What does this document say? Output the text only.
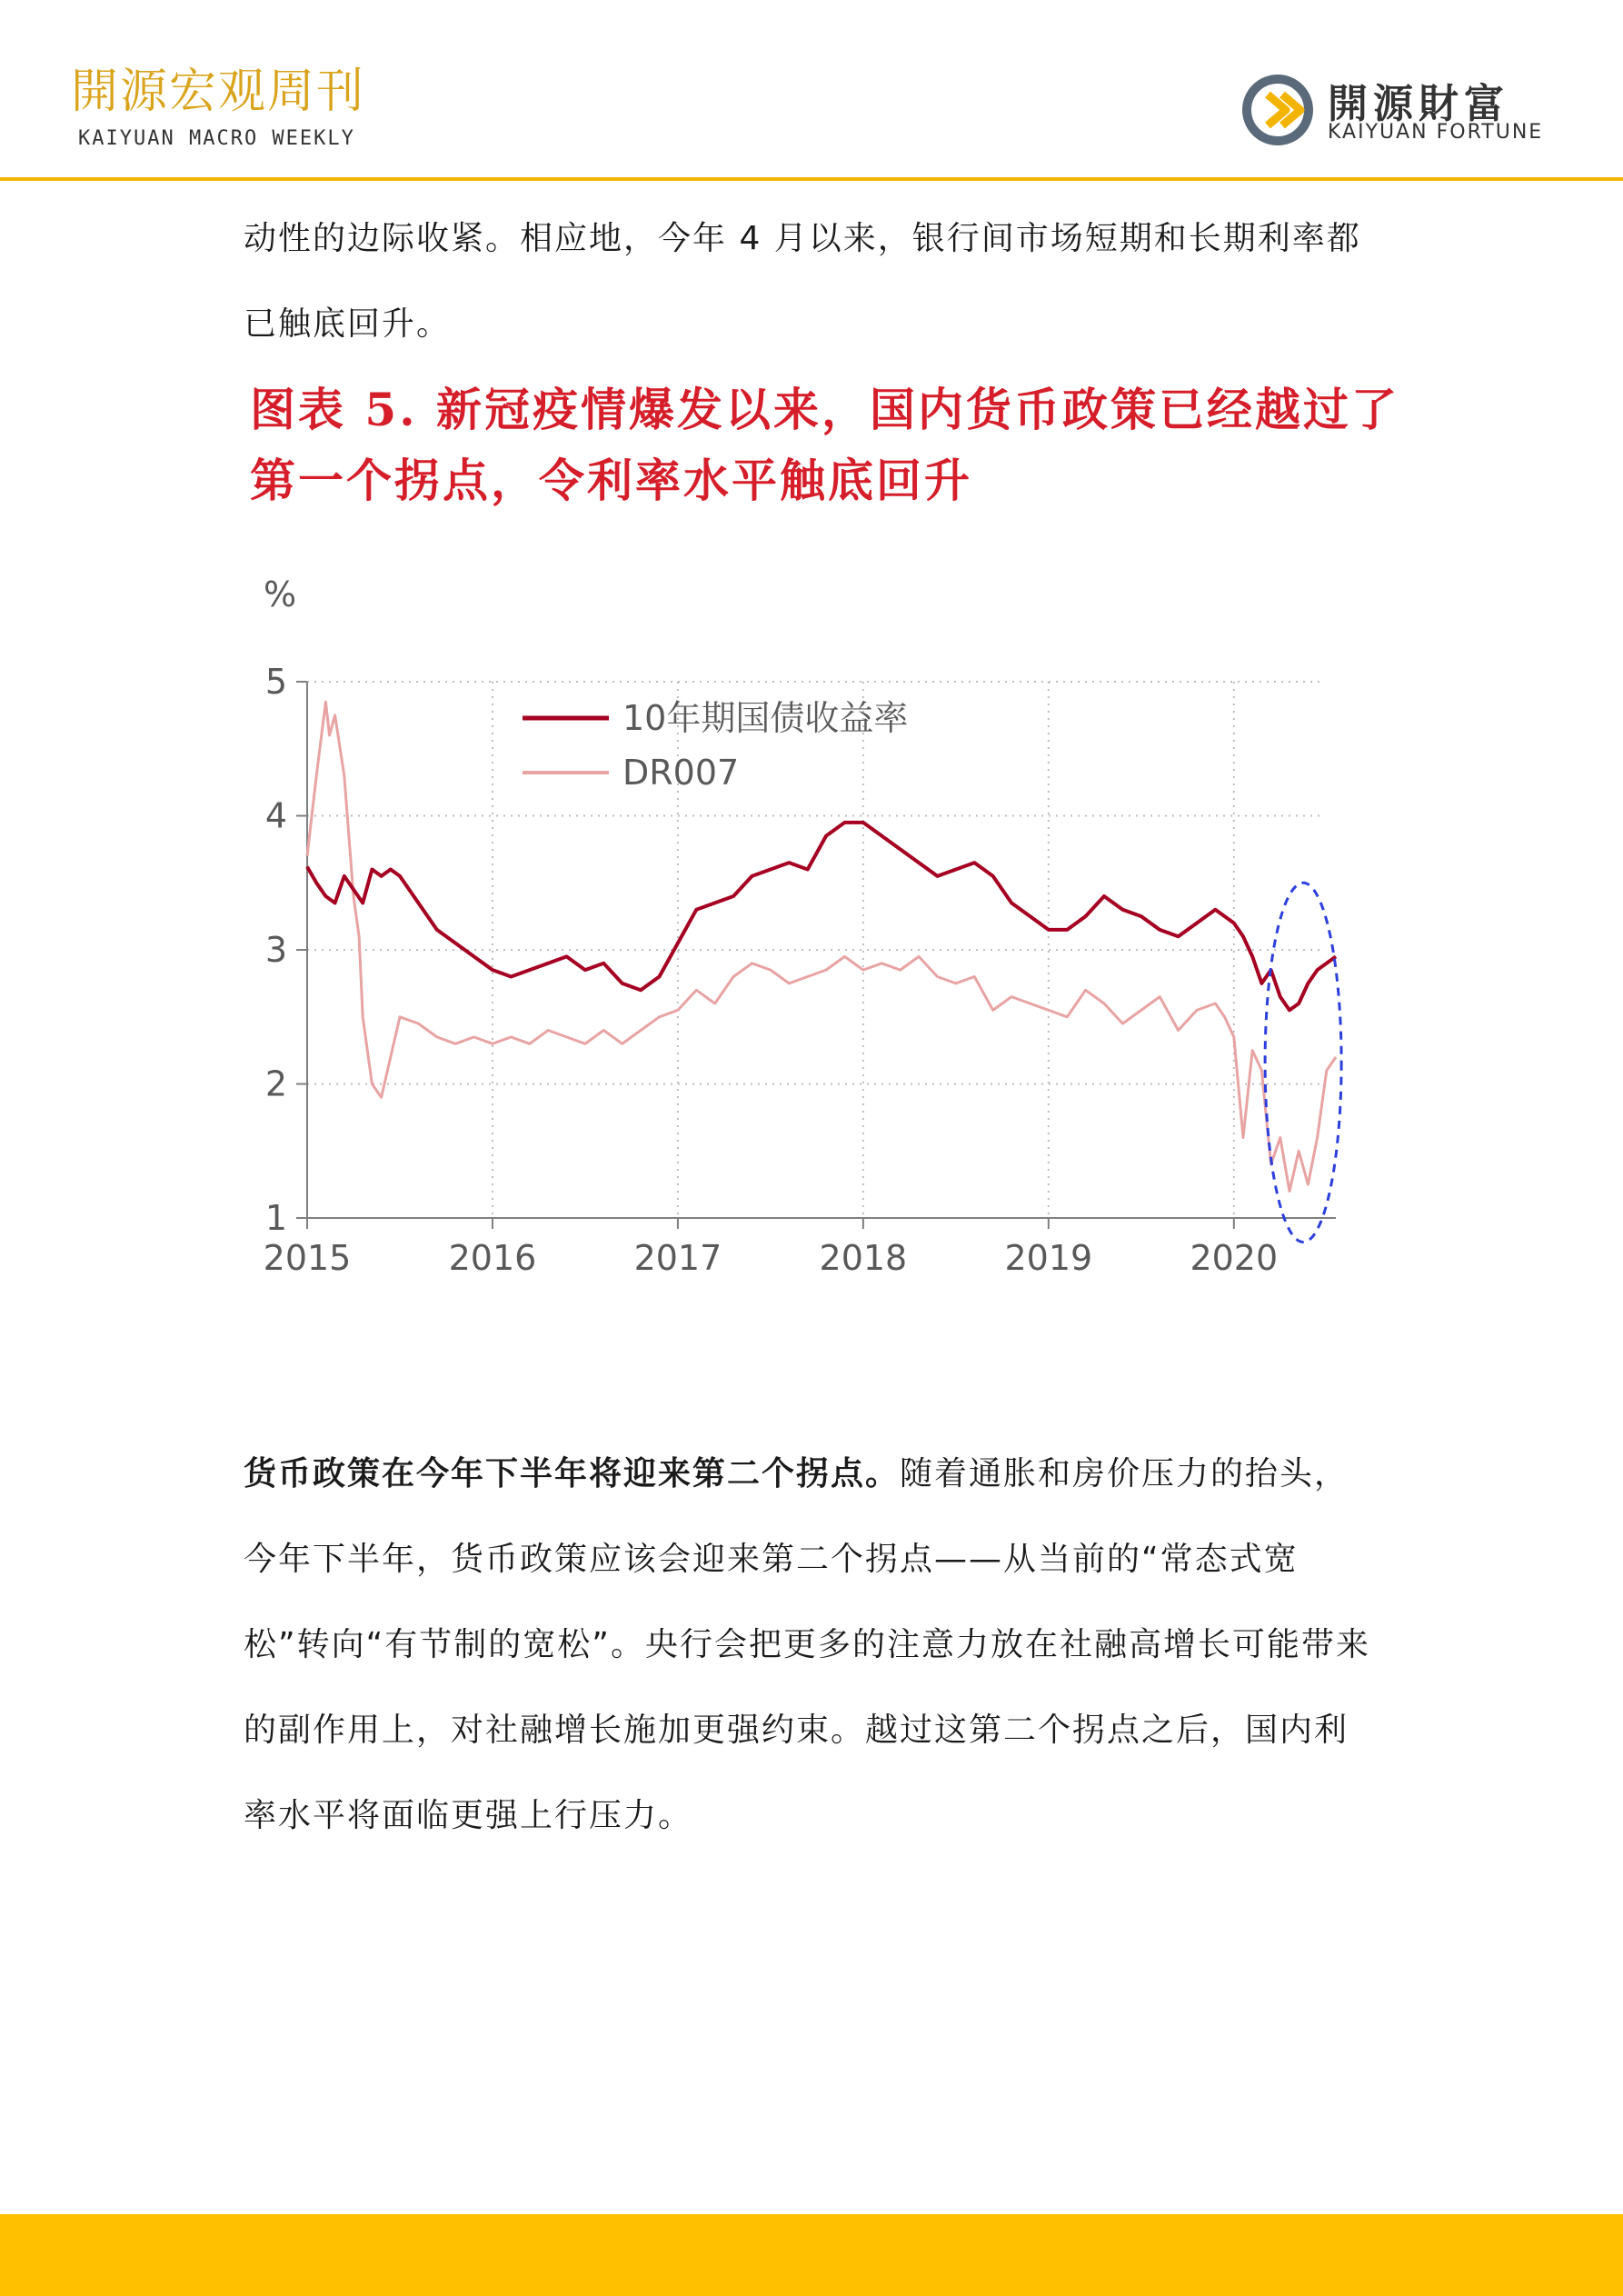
開源宏观周刊
KAIYUAN MACRO WEEKLY
開源財富
KAIYUAN FORTUNE

动性的边际收紧。相应地，今年 4 月以来，银行间市场短期和长期利率都已触底回升。

图表 5. 新冠疫情爆发以来，国内货币政策已经越过了第一个拐点，令利率水平触底回升
1
2
3
4
5
2015	2016	2017	2018	2019	2020
%
10年期国债收益率
DR007

货币政策在今年下半年将迎来第二个拐点。随着通胀和房价压力的抬头，今年下半年，货币政策应该会迎来第二个拐点——从当前的“常态式宽松”转向“有节制的宽松”。央行会把更多的注意力放在社融高增长可能带来的副作用上，对社融增长施加更强约束。越过这第二个拐点之后，国内利率水平将面临更强上行压力。
